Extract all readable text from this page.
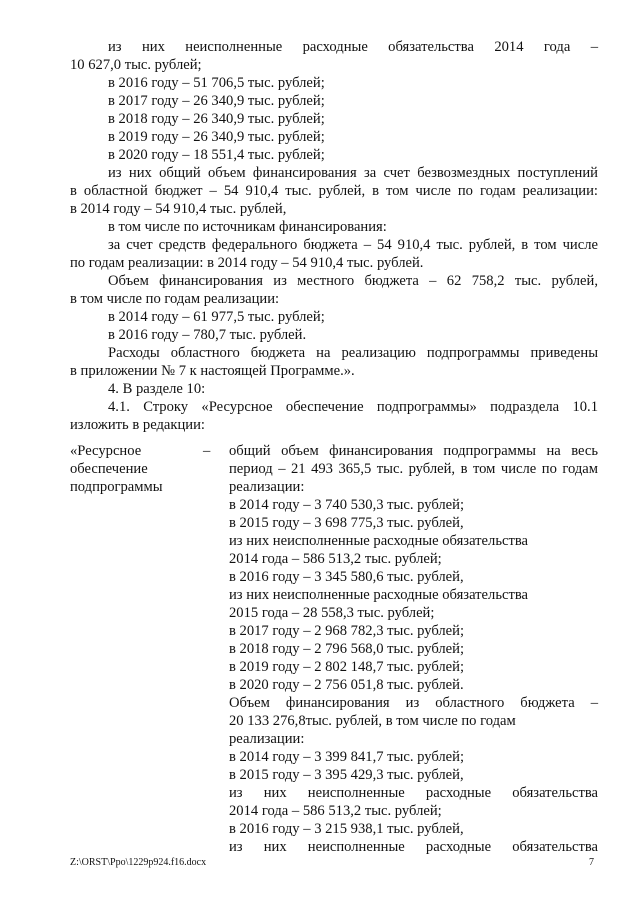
из них неисполненные расходные обязательства 2014 года –
10 627,0 тыс. рублей;
в 2016 году – 51 706,5 тыс. рублей;
в 2017 году – 26 340,9 тыс. рублей;
в 2018 году – 26 340,9 тыс. рублей;
в 2019 году – 26 340,9 тыс. рублей;
в 2020 году – 18 551,4 тыс. рублей;
из них общий объем финансирования за счет безвозмездных поступлений
в областной бюджет – 54 910,4 тыс. рублей, в том числе по годам реализации:
в 2014 году – 54 910,4 тыс. рублей,
в том числе по источникам финансирования:
за счет средств федерального бюджета – 54 910,4 тыс. рублей, в том числе
по годам реализации: в 2014 году – 54 910,4 тыс. рублей.
Объем финансирования из местного бюджета – 62 758,2 тыс. рублей,
в том числе по годам реализации:
в 2014 году – 61 977,5 тыс. рублей;
в 2016 году – 780,7 тыс. рублей.
Расходы областного бюджета на реализацию подпрограммы приведены
в приложении № 7 к настоящей Программе.».
4. В разделе 10:
4.1. Строку «Ресурсное обеспечение подпрограммы» подраздела 10.1
изложить в редакции:
«Ресурсное
обеспечение
подпрограммы
– общий объем финансирования подпрограммы на весь
период – 21 493 365,5 тыс. рублей, в том числе по годам
реализации:
в 2014 году – 3 740 530,3 тыс. рублей;
в 2015 году – 3 698 775,3 тыс. рублей,
из них неисполненные расходные обязательства
2014 года – 586 513,2 тыс. рублей;
в 2016 году – 3 345 580,6 тыс. рублей,
из них неисполненные расходные обязательства
2015 года – 28 558,3 тыс. рублей;
в 2017 году – 2 968 782,3 тыс. рублей;
в 2018 году – 2 796 568,0 тыс. рублей;
в 2019 году – 2 802 148,7 тыс. рублей;
в 2020 году – 2 756 051,8 тыс. рублей.
Объем финансирования из областного бюджета –
20 133 276,8тыс. рублей, в том числе по годам
реализации:
в 2014 году – 3 399 841,7 тыс. рублей;
в 2015 году – 3 395 429,3 тыс. рублей,
из них неисполненные расходные обязательства
2014 года – 586 513,2 тыс. рублей;
в 2016 году – 3 215 938,1 тыс. рублей,
из них неисполненные расходные обязательства
Z:\ORST\Ppo\1229p924.f16.docx	7
